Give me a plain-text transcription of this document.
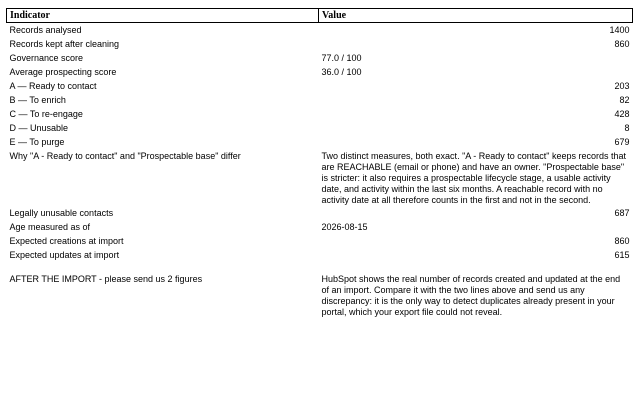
Indicator	Value
Records analysed	1400
Records kept after cleaning	860
Governance score	77.0 / 100
Average prospecting score	36.0 / 100
A — Ready to contact	203
B — To enrich	82
C — To re-engage	428
D — Unusable	8
E — To purge	679
Why "A - Ready to contact" and "Prospectable base" differ	Two distinct measures, both exact. "A - Ready to contact" keeps records that are REACHABLE (email or phone) and have an owner. "Prospectable base" is stricter: it also requires a prospectable lifecycle stage, a usable activity date, and activity within the last six months. A reachable record with no activity date at all therefore counts in the first and not in the second.
Legally unusable contacts	687
Age measured as of	2026-08-15
Expected creations at import	860
Expected updates at import	615

AFTER THE IMPORT - please send us 2 figures	HubSpot shows the real number of records created and updated at the end of an import. Compare it with the two lines above and send us any discrepancy: it is the only way to detect duplicates already present in your portal, which your export file could not reveal.
